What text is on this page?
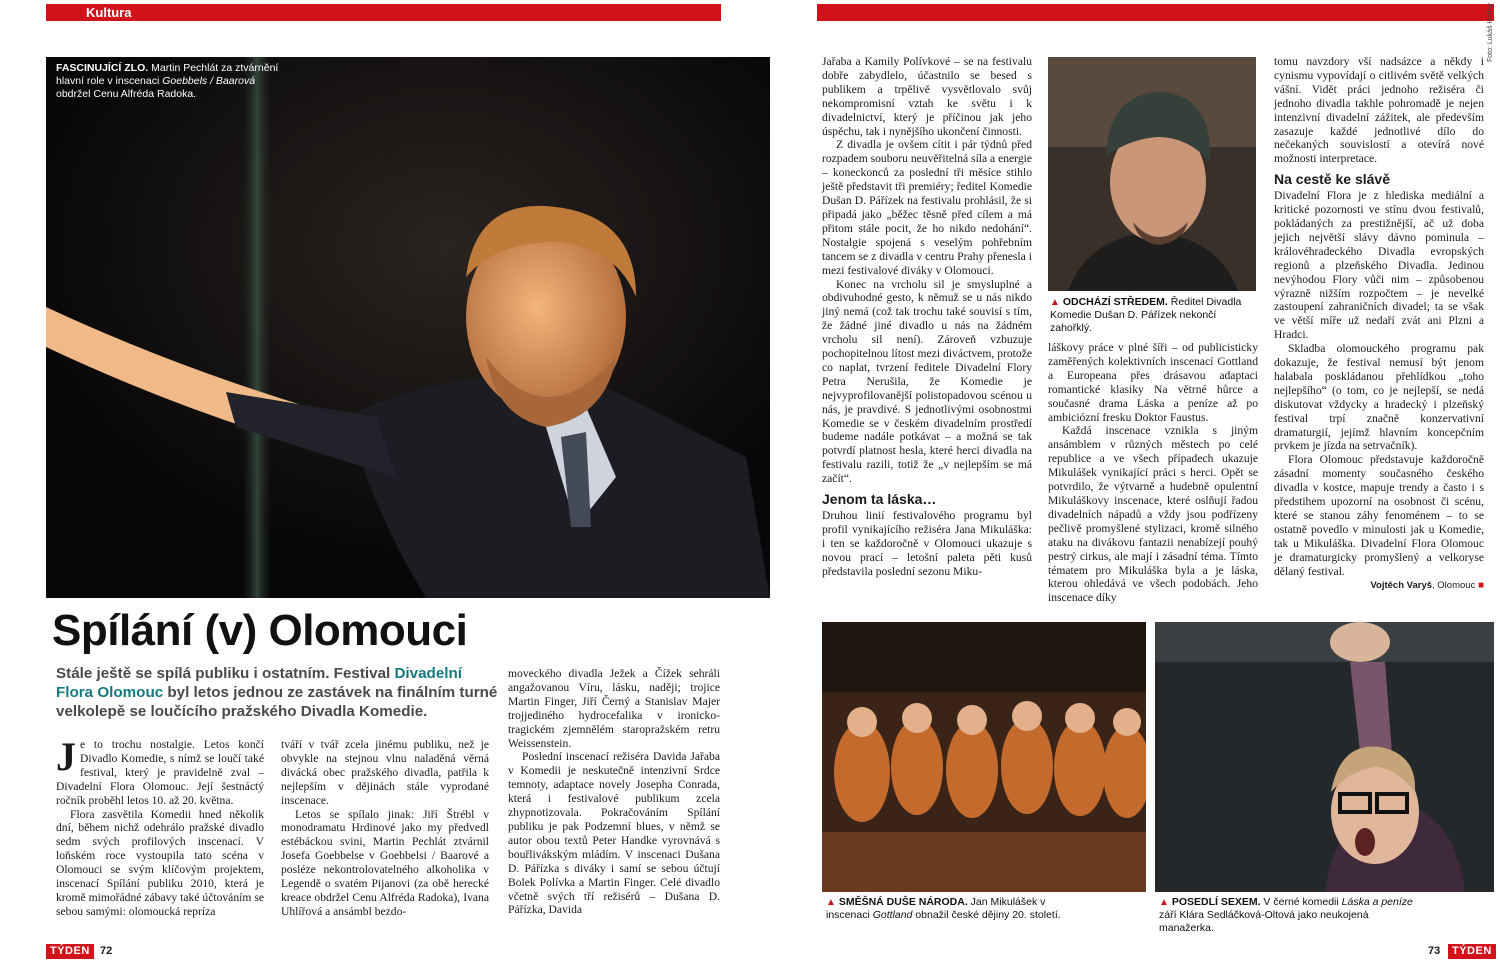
Kultura
FASCINUJÍCÍ ZLO. Martin Pechlát za ztvárnění hlavní role v inscenaci Goebbels / Baarová obdržel Cenu Alfréda Radoka.
Spílání (v) Olomouci
Stále ještě se spílá publiku i ostatním. Festival Divadelní Flora Olomouc byl letos jednou ze zastávek na finálním turné velkolepě se loučícího pražského Divadla Komedie.

Je to trochu nostalgie. Letos končí Divadlo Komedie, s nímž se loučí také festival, který je pravidelně zval – Divadelní Flora Olomouc. Její šestnáctý ročník proběhl letos 10. až 20. května.

Flora zasvětila Komedii hned několik dní, během nichž odehrálo pražské divadlo sedm svých profilových inscenací. V loňském roce vystoupila tato scéna v Olomouci se svým klíčovým projektem, inscenací Spílání publiku 2010, která je kromě mimořádné zábavy také účtováním se sebou samými: olomoucká repríza

tváří v tvář zcela jinému publiku, než je obvykle na stejnou vlnu naladěná věrná divácká obec pražského divadla, patřila k nejlepším v dějinách stále vyprodané inscenace.

Letos se spílalo jinak: Jiří Štrébl v monodramatu Hrdinové jako my předvedl estébáckou svini, Martin Pechlát ztvárnil Josefa Goebbelse v Goebbelsi / Baarové a posléze nekontrolovatelného alkoholika v Legendě o svatém Pijanovi (za obě herecké kreace obdržel Cenu Alfréda Radoka), Ivana Uhlířová a ansámbl bezdo-

moveckého divadla Ježek a Čížek sehráli angažovanou Víru, lásku, naději; trojice Martin Finger, Jiří Černý a Stanislav Majer trojjediného hydrocefalika v ironicko-tragickém zjemnělém staropražském retru Weissenstein.

Poslední inscenací režiséra Davida Jařaba v Komedii je neskutečně intenzivní Srdce temnoty, adaptace novely Josepha Conrada, která i festivalové publikum zcela zhypnotizovala. Pokračováním Spílání publiku je pak Podzemní blues, v němž se autor obou textů Peter Handke vyrovnává s bouřlivákským mládím. V inscenaci Dušana D. Pářízka s diváky i samí se sebou účtují Bolek Polívka a Martin Finger. Celé divadlo včetně svých tří režisérů – Dušana D. Pářízka, Davida

Jařaba a Kamily Polívkové – se na festivalu dobře zabydlelo, účastnilo se besed s publikem a trpělivě vysvětlovalo svůj nekompromisní vztah ke světu i k divadelnictví, který je příčinou jak jeho úspěchu, tak i nynějšího ukončení činnosti.

Z divadla je ovšem cítit i pár týdnů před rozpadem souboru neuvěřitelná síla a energie – koneckonců za poslední tři měsíce stihlo ještě představit tři premiéry; ředitel Komedie Dušan D. Pářízek na festivalu prohlásil, že si připadá jako „běžec těsně před cílem a má přitom stále pocit, že ho nikdo nedohání“. Nostalgie spojená s veselým pohřebním tancem se z divadla v centru Prahy přenesla i mezi festivalové diváky v Olomouci.

Konec na vrcholu sil je smysluplné a obdivuhodné gesto, k němuž se u nás nikdo jiný nemá (což tak trochu také souvisí s tím, že žádné jiné divadlo u nás na žádném vrcholu sil není). Zároveň vzbuzuje pochopitelnou lítost mezi diváctvem, protože co naplat, tvrzení ředitele Divadelní Flory Petra Nerušila, že Komedie je nejvyprofilovanější polistopadovou scénou u nás, je pravdivé. S jednotlivými osobnostmi Komedie se v českém divadelním prostředí budeme nadále potkávat – a možná se tak potvrdí platnost hesla, které herci divadla na festivalu razili, totiž že „v nejlepším se má začít“.

Jenom ta láska…

Druhou linií festivalového programu byl profil vynikajícího režiséra Jana Mikuláška: i ten se každoročně v Olomouci ukazuje s novou prací – letošní paleta pěti kusů představila poslední sezonu Miku-

▲ ODCHÁZÍ STŘEDEM. Ředitel Divadla Komedie Dušan D. Pářízek nekončí zahořklý.

láškovy práce v plné šíři – od publicisticky zaměřených kolektivních inscenací Gottland a Europeana přes drásavou adaptaci romantické klasiky Na větrné hůrce a současné drama Láska a peníze až po ambiciózní fresku Doktor Faustus.

Každá inscenace vznikla s jiným ansámblem v různých městech po celé republice a ve všech případech ukazuje Mikulášek vynikající práci s herci. Opět se potvrdilo, že výtvarně a hudebně opulentní Mikuláškovy inscenace, které oslňují řadou divadelních nápadů a vždy jsou podřízeny pečlivě promyšlené stylizaci, kromě silného ataku na divákovu fantazii nenabízejí pouhý pestrý cirkus, ale mají i zásadní téma. Tímto tématem pro Mikuláška byla a je láska, kterou ohledává ve všech podobách. Jeho inscenace díky

tomu navzdory vší nadsázce a někdy i cynismu vypovídají o citlivém světě velkých vášní. Vidět práci jednoho režiséra či jednoho divadla takhle pohromadě je nejen intenzivní divadelní zážitek, ale především zasazuje každé jednotlivé dílo do nečekaných souvislostí a otevírá nové možnosti interpretace.

Na cestě ke slávě

Divadelní Flora je z hlediska mediální a kritické pozornosti ve stínu dvou festivalů, pokládaných za prestižnější, ač už doba jejich největší slávy dávno pominula – královéhradeckého Divadla evropských regionů a plzeňského Divadla. Jedinou nevýhodou Flory vůči nim – způsobenou výrazně nižším rozpočtem – je nevelké zastoupení zahraničních divadel; ta se však ve větší míře už nedaří zvát ani Plzni a Hradci.

Skladba olomouckého programu pak dokazuje, že festival nemusí být jenom halabala poskládanou přehlídkou „toho nejlepšího“ (o tom, co je nejlepší, se nedá diskutovat vždycky a hradecký i plzeňský festival trpí značně konzervativní dramaturgií, jejímž hlavním koncepčním prvkem je jízda na setrvačník).

Flora Olomouc představuje každoročně zásadní momenty současného českého divadla v kostce, mapuje trendy a často i s předstihem upozorní na osobnost či scénu, které se stanou záhy fenoménem – to se ostatně povedlo v minulosti jak u Komedie, tak u Mikuláška. Divadelní Flora Olomouc je dramaturgicky promyšlený a velkoryse dělaný festival.

Vojtěch Varyš, Olomouc ■

Foto: Lukáš Hodný
▲ SMĚŠNÁ DUŠE NÁRODA. Jan Mikulášek v inscenaci Gottland obnažil české dějiny 20. století.
▲ POSEDLÍ SEXEM. V černé komedii Láska a peníze září Klára Sedláčková-Oltová jako neukojená manažerka.
TÝDEN 72	73	TÝDEN
